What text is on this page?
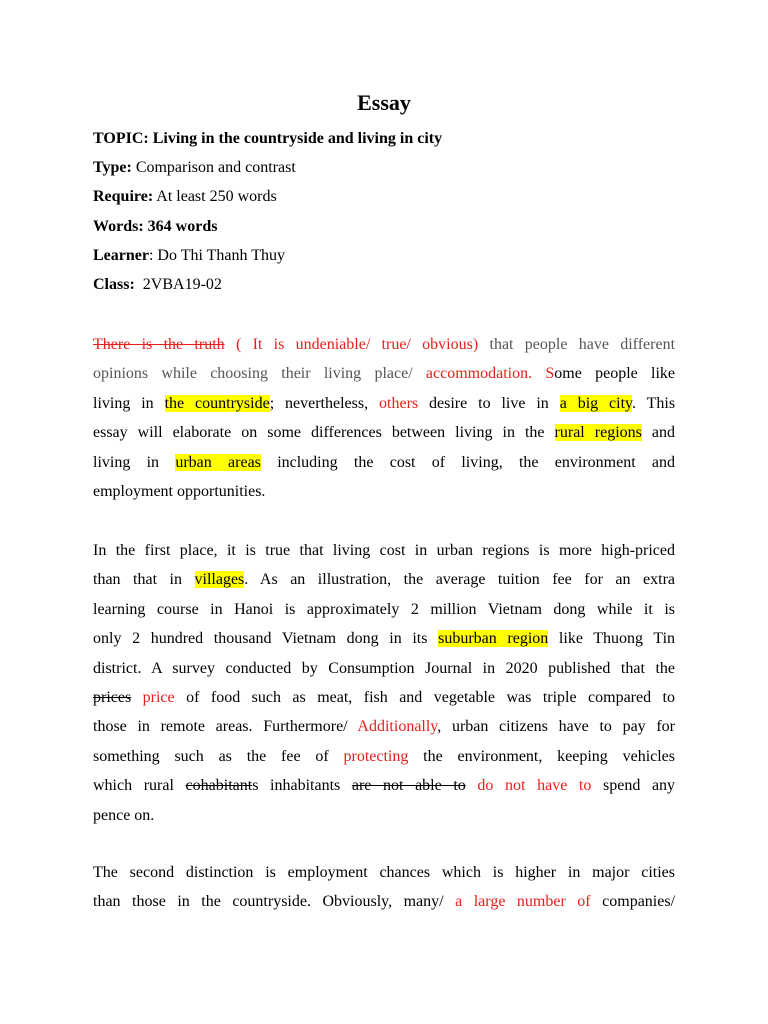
Essay
TOPIC: Living in the countryside and living in city
Type: Comparison and contrast
Require: At least 250 words
Words: 364 words
Learner: Do Thi Thanh Thuy
Class: 2VBA19-02
There is the truth ( It is undeniable/ true/ obvious) that people have different
opinions while choosing their living place/ accommodation. Some people like
living in the countryside; nevertheless, others desire to live in a big city. This
essay will elaborate on some differences between living in the rural regions and
living in urban areas including the cost of living, the environment and
employment opportunities.
In the first place, it is true that living cost in urban regions is more high-priced
than that in villages. As an illustration, the average tuition fee for an extra
learning course in Hanoi is approximately 2 million Vietnam dong while it is
only 2 hundred thousand Vietnam dong in its suburban region like Thuong Tin
district. A survey conducted by Consumption Journal in 2020 published that the
prices price of food such as meat, fish and vegetable was triple compared to
those in remote areas. Furthermore/ Additionally, urban citizens have to pay for
something such as the fee of protecting the environment, keeping vehicles
which rural cohabitants inhabitants are not able to do not have to spend any
pence on.
The second distinction is employment chances which is higher in major cities
than those in the countryside. Obviously, many/ a large number of companies/
